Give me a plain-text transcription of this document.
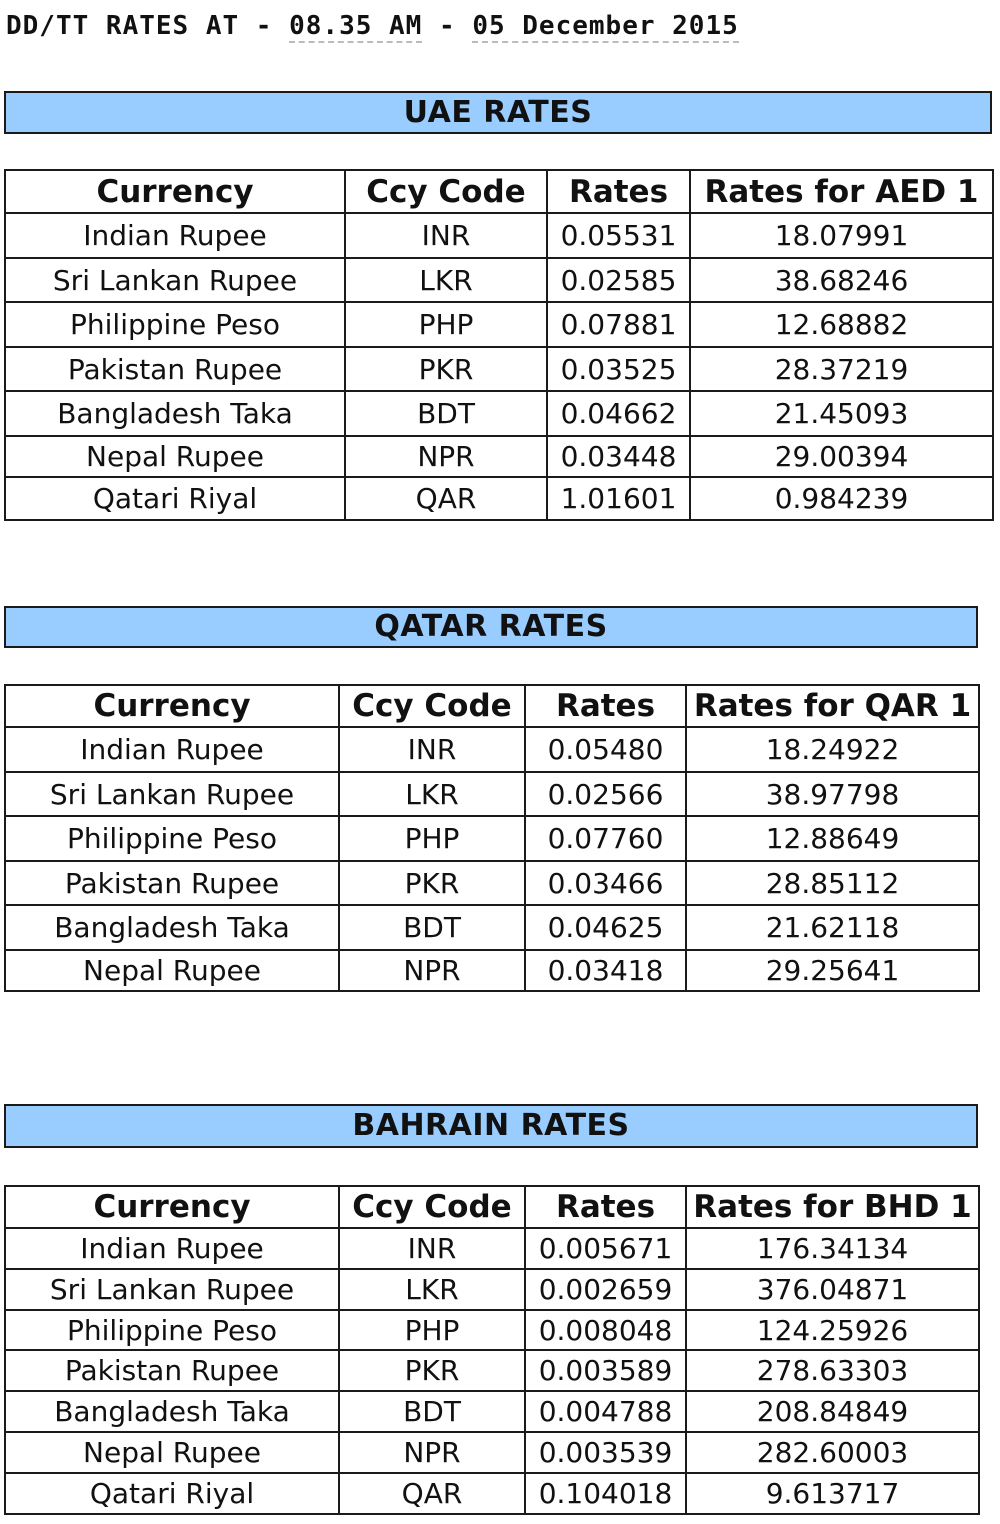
DD/TT RATES AT - 08.35 AM - 05 December 2015
UAE RATES
Currency	Ccy Code	Rates	Rates for AED 1
Indian Rupee	INR	0.05531	18.07991
Sri Lankan Rupee	LKR	0.02585	38.68246
Philippine Peso	PHP	0.07881	12.68882
Pakistan Rupee	PKR	0.03525	28.37219
Bangladesh Taka	BDT	0.04662	21.45093
Nepal Rupee	NPR	0.03448	29.00394
Qatari Riyal	QAR	1.01601	0.984239
QATAR RATES
Currency	Ccy Code	Rates	Rates for QAR 1
Indian Rupee	INR	0.05480	18.24922
Sri Lankan Rupee	LKR	0.02566	38.97798
Philippine Peso	PHP	0.07760	12.88649
Pakistan Rupee	PKR	0.03466	28.85112
Bangladesh Taka	BDT	0.04625	21.62118
Nepal Rupee	NPR	0.03418	29.25641
BAHRAIN RATES
Currency	Ccy Code	Rates	Rates for BHD 1
Indian Rupee	INR	0.005671	176.34134
Sri Lankan Rupee	LKR	0.002659	376.04871
Philippine Peso	PHP	0.008048	124.25926
Pakistan Rupee	PKR	0.003589	278.63303
Bangladesh Taka	BDT	0.004788	208.84849
Nepal Rupee	NPR	0.003539	282.60003
Qatari Riyal	QAR	0.104018	9.613717
